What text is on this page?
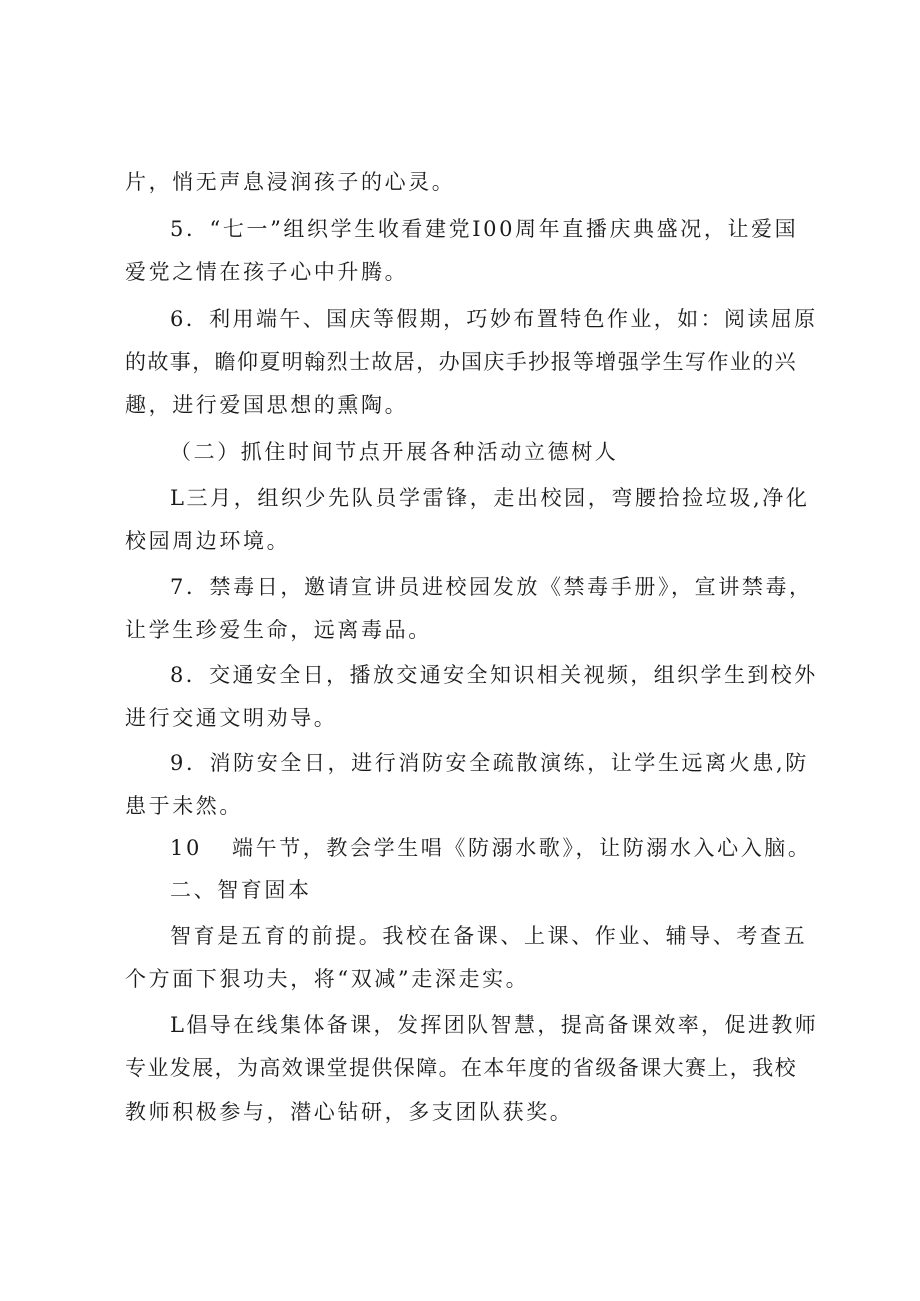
片，悄无声息浸润孩子的心灵。
5．“七一”组织学生收看建党I00周年直播庆典盛况，让爱国
爱党之情在孩子心中升腾。
6．利用端午、国庆等假期，巧妙布置特色作业，如：阅读屈原
的故事，瞻仰夏明翰烈士故居，办国庆手抄报等增强学生写作业的兴
趣，进行爱国思想的熏陶。
（二）抓住时间节点开展各种活动立德树人
L三月，组织少先队员学雷锋，走出校园，弯腰拾捡垃圾,净化
校园周边环境。
7．禁毒日，邀请宣讲员进校园发放《禁毒手册》，宣讲禁毒，
让学生珍爱生命，远离毒品。
8．交通安全日，播放交通安全知识相关视频，组织学生到校外
进行交通文明劝导。
9．消防安全日，进行消防安全疏散演练，让学生远离火患,防
患于未然。
10 端午节，教会学生唱《防溺水歌》，让防溺水入心入脑。
二、智育固本
智育是五育的前提。我校在备课、上课、作业、辅导、考查五
个方面下狠功夫，将“双减”走深走实。
L倡导在线集体备课，发挥团队智慧，提高备课效率，促进教师
专业发展，为高效课堂提供保障。在本年度的省级备课大赛上，我校
教师积极参与，潜心钻研，多支团队获奖。
